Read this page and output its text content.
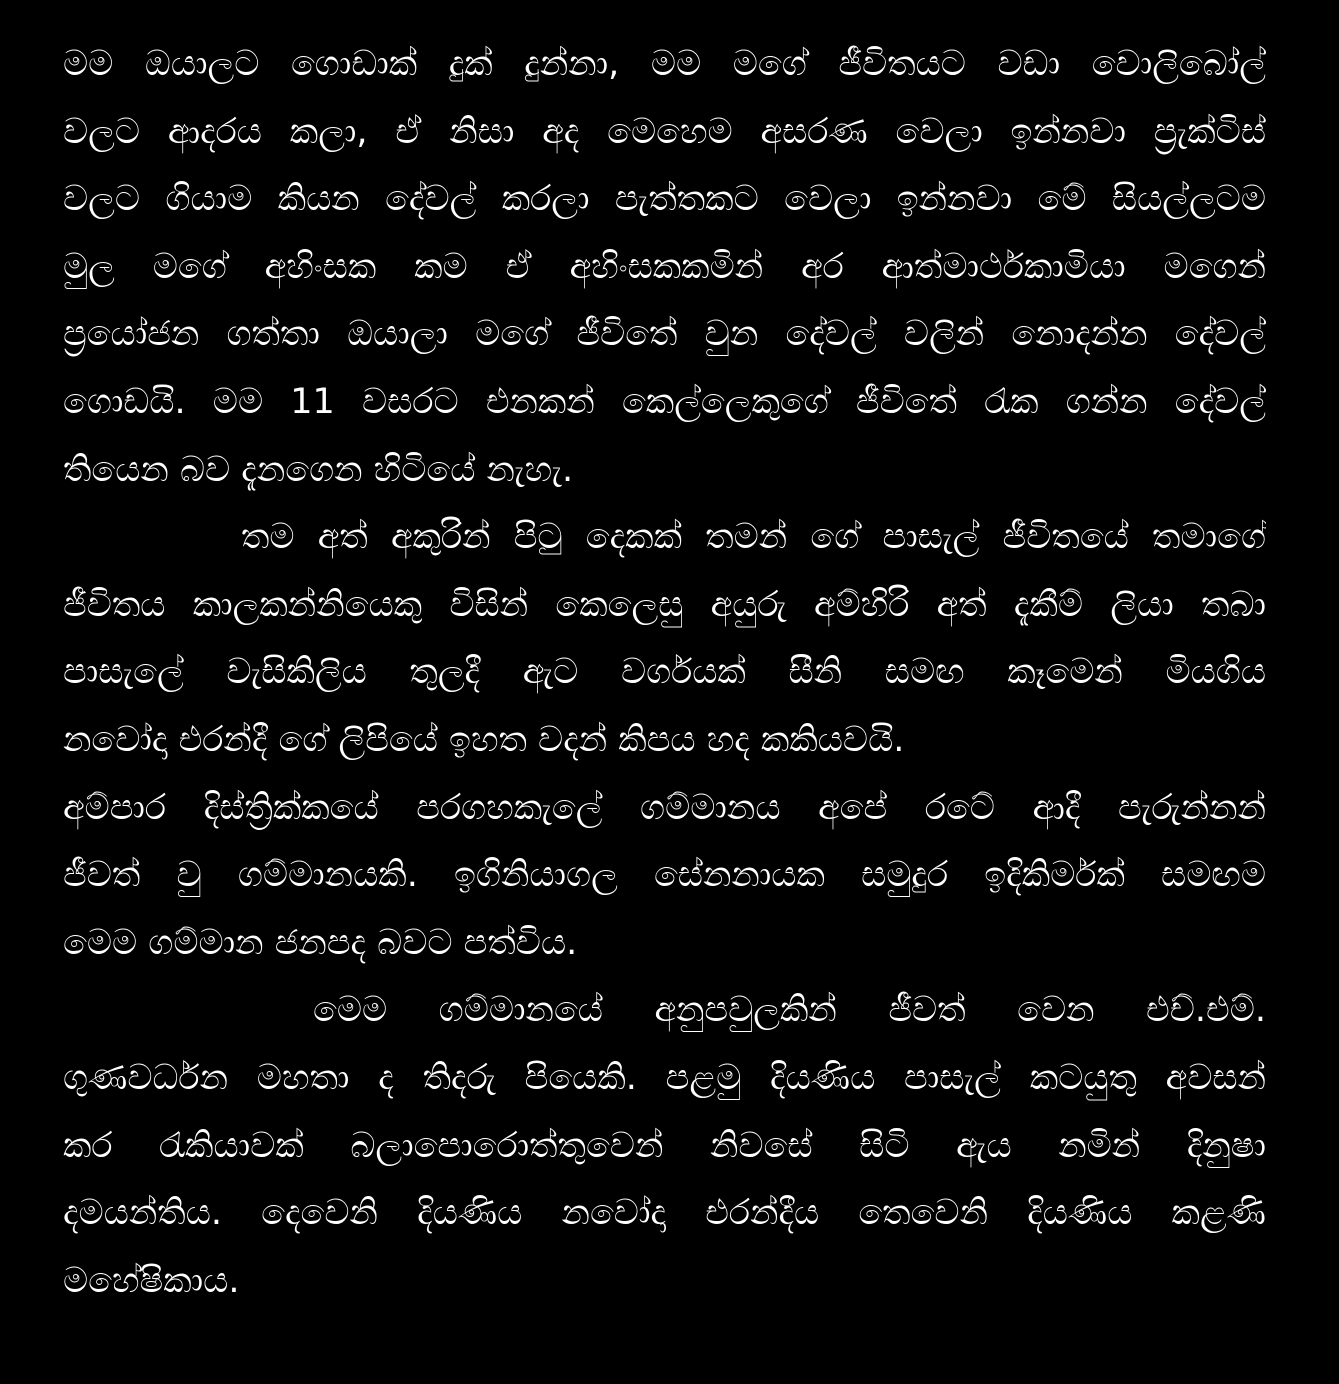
මම ඔයාලට ගොඩාක් දුක් දුන්නා, මම මගේ ජීවිතයට වඩා වොලිබෝල්
වලට ආදරය කලා, ඒ නිසා අද මෙහෙම අසරණ වෙලා ඉන්නවා ප්‍රැක්ටිස්
වලට ගියාම කියන දේවල් කරලා පැත්තකට වෙලා ඉන්නවා මේ සියල්ලටම
මුල මගේ අහිංසක කම ඒ අහිංසකකමින් අර ආත්මාර්ථකාමියා මගෙන්
ප්‍රයෝජන ගත්තා ඔයාලා මගේ ජීවිතේ වුන දේවල් වලින් නොදන්න දේවල්
ගොඩයි. මම 11 වසරට එනකන් කෙල්ලෙකුගේ ජීවිතේ රැක ගන්න දේවල්
තියෙන බව දැනගෙන හිටියේ නැහැ.
තම අත් අකුරින් පිටු දෙකක් තමන් ගේ පාසැල් ජීවිතයේ තමාගේ
ජීවිතය කාලකන්නියෙකු විසින් කෙලෙසු අයුරු අම්හිරි අත් දැකීම් ලියා තබා
පාසැලේ වැසිකිලිය තුලදී ඇට වර්ගයක් සීනි සමඟ කෑමෙන් මියගිය
නවෝදා එරන්දී ගේ ලිපියේ ඉහත වදන් කිපය හද කකියවයි.
අම්පාර දිස්ත්‍රික්කයේ පරගහකැලේ ගම්මානය අපේ රටේ ආදී පැරුන්නන්
ජීවත් වු ගම්මානයකි. ඉගිනියාගල සේනනායක සමුදුර ඉදිකිර්මක් සමඟම
මෙම ගම්මාන ජනපද බවට පත්විය.
මෙම ගම්මානයේ අනුපවුලකින් ජීවත් වෙන එච්.එම්.
ගුණවර්ධන මහතා ද තිදරු පියෙකි. පළමු දියණිය පාසැල් කටයුතු අවසන්
කර රැකියාවක් බලාපොරොත්තුවෙන් නිවසේ සිටි ඇය නමින් දිනුෂා
දමයන්තිය. දෙවෙනි දියණිය නවෝදා එරන්දීය තෙවෙනි දියණිය කළණි
මහේෂිකාය.
